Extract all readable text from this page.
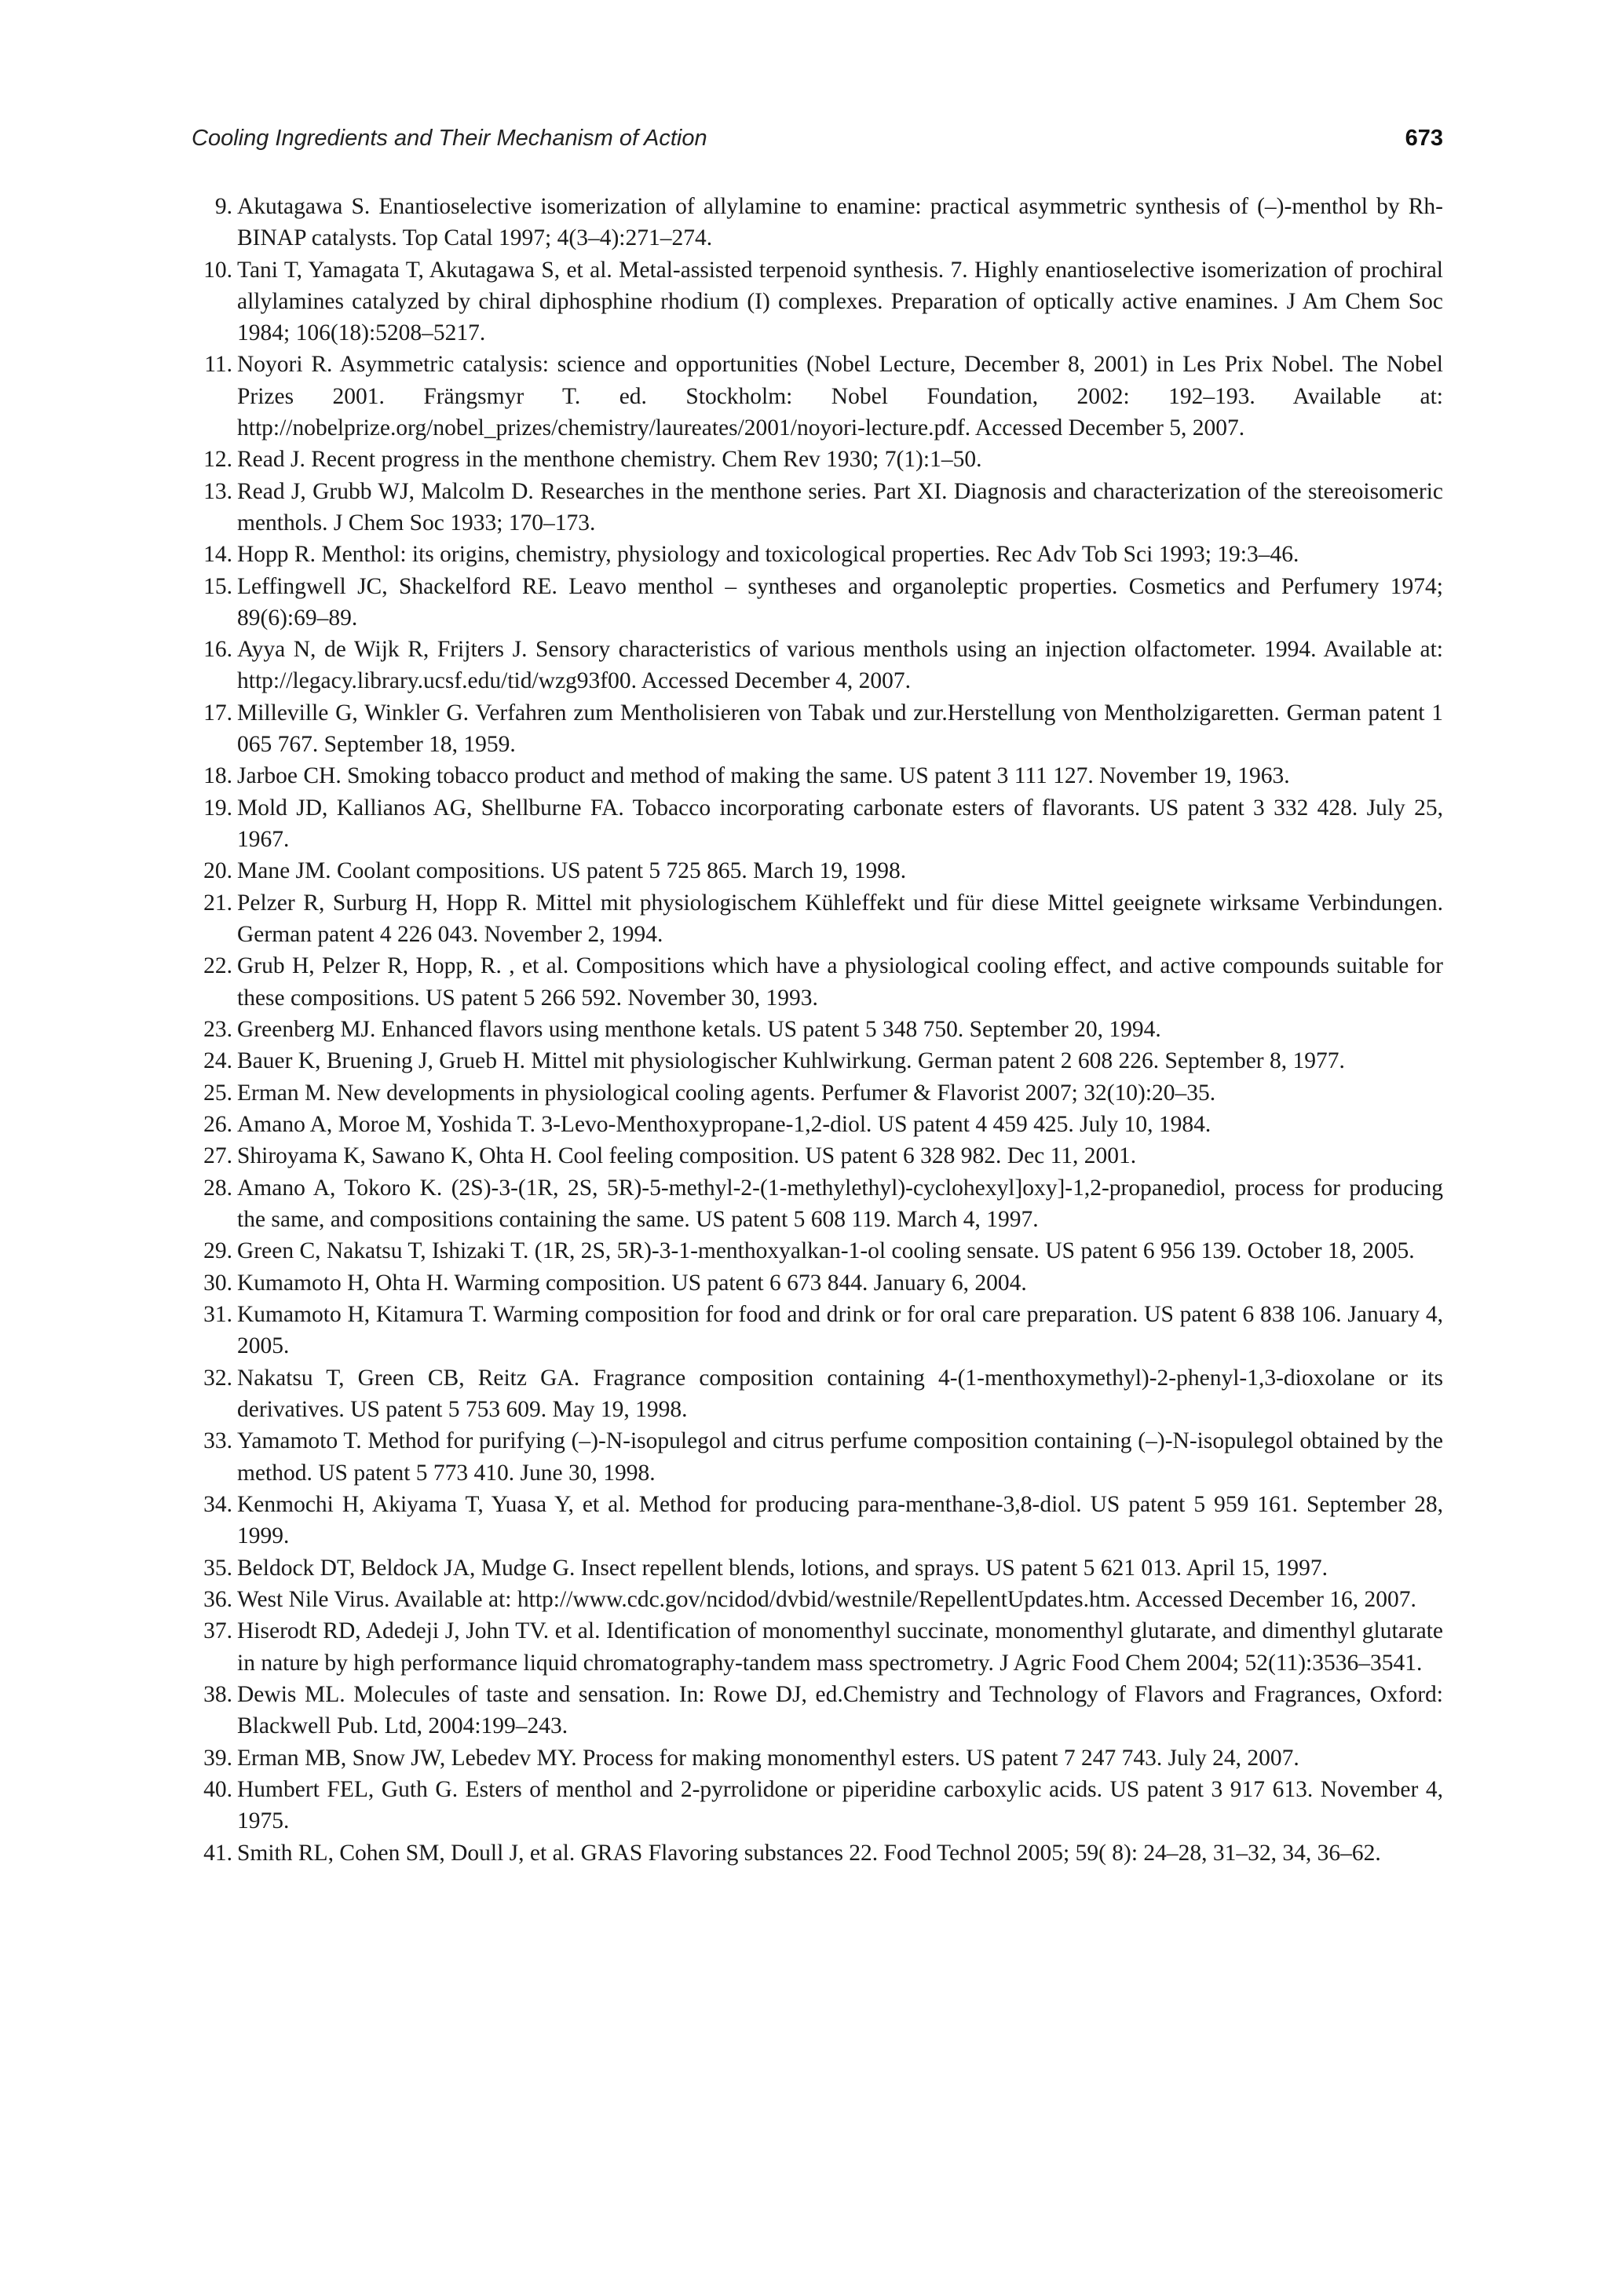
Cooling Ingredients and Their Mechanism of Action	673
9. Akutagawa S. Enantioselective isomerization of allylamine to enamine: practical asymmetric synthesis of (–)-menthol by Rh-BINAP catalysts. Top Catal 1997; 4(3–4):271–274.
10. Tani T, Yamagata T, Akutagawa S, et al. Metal-assisted terpenoid synthesis. 7. Highly enantioselective isomerization of prochiral allylamines catalyzed by chiral diphosphine rhodium (I) complexes. Preparation of optically active enamines. J Am Chem Soc 1984; 106(18):5208–5217.
11. Noyori R. Asymmetric catalysis: science and opportunities (Nobel Lecture, December 8, 2001) in Les Prix Nobel. The Nobel Prizes 2001. Frängsmyr T. ed. Stockholm: Nobel Foundation, 2002: 192–193. Available at: http://nobelprize.org/nobel_prizes/chemistry/laureates/2001/noyori-lecture.pdf. Accessed December 5, 2007.
12. Read J. Recent progress in the menthone chemistry. Chem Rev 1930; 7(1):1–50.
13. Read J, Grubb WJ, Malcolm D. Researches in the menthone series. Part XI. Diagnosis and characterization of the stereoisomeric menthols. J Chem Soc 1933; 170–173.
14. Hopp R. Menthol: its origins, chemistry, physiology and toxicological properties. Rec Adv Tob Sci 1993; 19:3–46.
15. Leffingwell JC, Shackelford RE. Leavo menthol – syntheses and organoleptic properties. Cosmetics and Perfumery 1974; 89(6):69–89.
16. Ayya N, de Wijk R, Frijters J. Sensory characteristics of various menthols using an injection olfactometer. 1994. Available at: http://legacy.library.ucsf.edu/tid/wzg93f00. Accessed December 4, 2007.
17. Milleville G, Winkler G. Verfahren zum Mentholisieren von Tabak und zur.Herstellung von Mentholzigaretten. German patent 1 065 767. September 18, 1959.
18. Jarboe CH. Smoking tobacco product and method of making the same. US patent 3 111 127. November 19, 1963.
19. Mold JD, Kallianos AG, Shellburne FA. Tobacco incorporating carbonate esters of flavorants. US patent 3 332 428. July 25, 1967.
20. Mane JM. Coolant compositions. US patent 5 725 865. March 19, 1998.
21. Pelzer R, Surburg H, Hopp R. Mittel mit physiologischem Kühleffekt und für diese Mittel geeignete wirksame Verbindungen. German patent 4 226 043. November 2, 1994.
22. Grub H, Pelzer R, Hopp, R. , et al. Compositions which have a physiological cooling effect, and active compounds suitable for these compositions. US patent 5 266 592. November 30, 1993.
23. Greenberg MJ. Enhanced flavors using menthone ketals. US patent 5 348 750. September 20, 1994.
24. Bauer K, Bruening J, Grueb H. Mittel mit physiologischer Kuhlwirkung. German patent 2 608 226. September 8, 1977.
25. Erman M. New developments in physiological cooling agents. Perfumer & Flavorist 2007; 32(10):20–35.
26. Amano A, Moroe M, Yoshida T. 3-Levo-Menthoxypropane-1,2-diol. US patent 4 459 425. July 10, 1984.
27. Shiroyama K, Sawano K, Ohta H. Cool feeling composition. US patent 6 328 982. Dec 11, 2001.
28. Amano A, Tokoro K. (2S)-3-(1R, 2S, 5R)-5-methyl-2-(1-methylethyl)-cyclohexyl]oxy]-1,2-propanediol, process for producing the same, and compositions containing the same. US patent 5 608 119. March 4, 1997.
29. Green C, Nakatsu T, Ishizaki T. (1R, 2S, 5R)-3-1-menthoxyalkan-1-ol cooling sensate. US patent 6 956 139. October 18, 2005.
30. Kumamoto H, Ohta H. Warming composition. US patent 6 673 844. January 6, 2004.
31. Kumamoto H, Kitamura T. Warming composition for food and drink or for oral care preparation. US patent 6 838 106. January 4, 2005.
32. Nakatsu T, Green CB, Reitz GA. Fragrance composition containing 4-(1-menthoxymethyl)-2-phenyl-1,3-dioxolane or its derivatives. US patent 5 753 609. May 19, 1998.
33. Yamamoto T. Method for purifying (–)-N-isopulegol and citrus perfume composition containing (–)-N-isopulegol obtained by the method. US patent 5 773 410. June 30, 1998.
34. Kenmochi H, Akiyama T, Yuasa Y, et al. Method for producing para-menthane-3,8-diol. US patent 5 959 161. September 28, 1999.
35. Beldock DT, Beldock JA, Mudge G. Insect repellent blends, lotions, and sprays. US patent 5 621 013. April 15, 1997.
36. West Nile Virus. Available at: http://www.cdc.gov/ncidod/dvbid/westnile/RepellentUpdates.htm. Accessed December 16, 2007.
37. Hiserodt RD, Adedeji J, John TV. et al. Identification of monomenthyl succinate, monomenthyl glutarate, and dimenthyl glutarate in nature by high performance liquid chromatography-tandem mass spectrometry. J Agric Food Chem 2004; 52(11):3536–3541.
38. Dewis ML. Molecules of taste and sensation. In: Rowe DJ, ed.Chemistry and Technology of Flavors and Fragrances, Oxford: Blackwell Pub. Ltd, 2004:199–243.
39. Erman MB, Snow JW, Lebedev MY. Process for making monomenthyl esters. US patent 7 247 743. July 24, 2007.
40. Humbert FEL, Guth G. Esters of menthol and 2-pyrrolidone or piperidine carboxylic acids. US patent 3 917 613. November 4, 1975.
41. Smith RL, Cohen SM, Doull J, et al. GRAS Flavoring substances 22. Food Technol 2005; 59( 8): 24–28, 31–32, 34, 36–62.
